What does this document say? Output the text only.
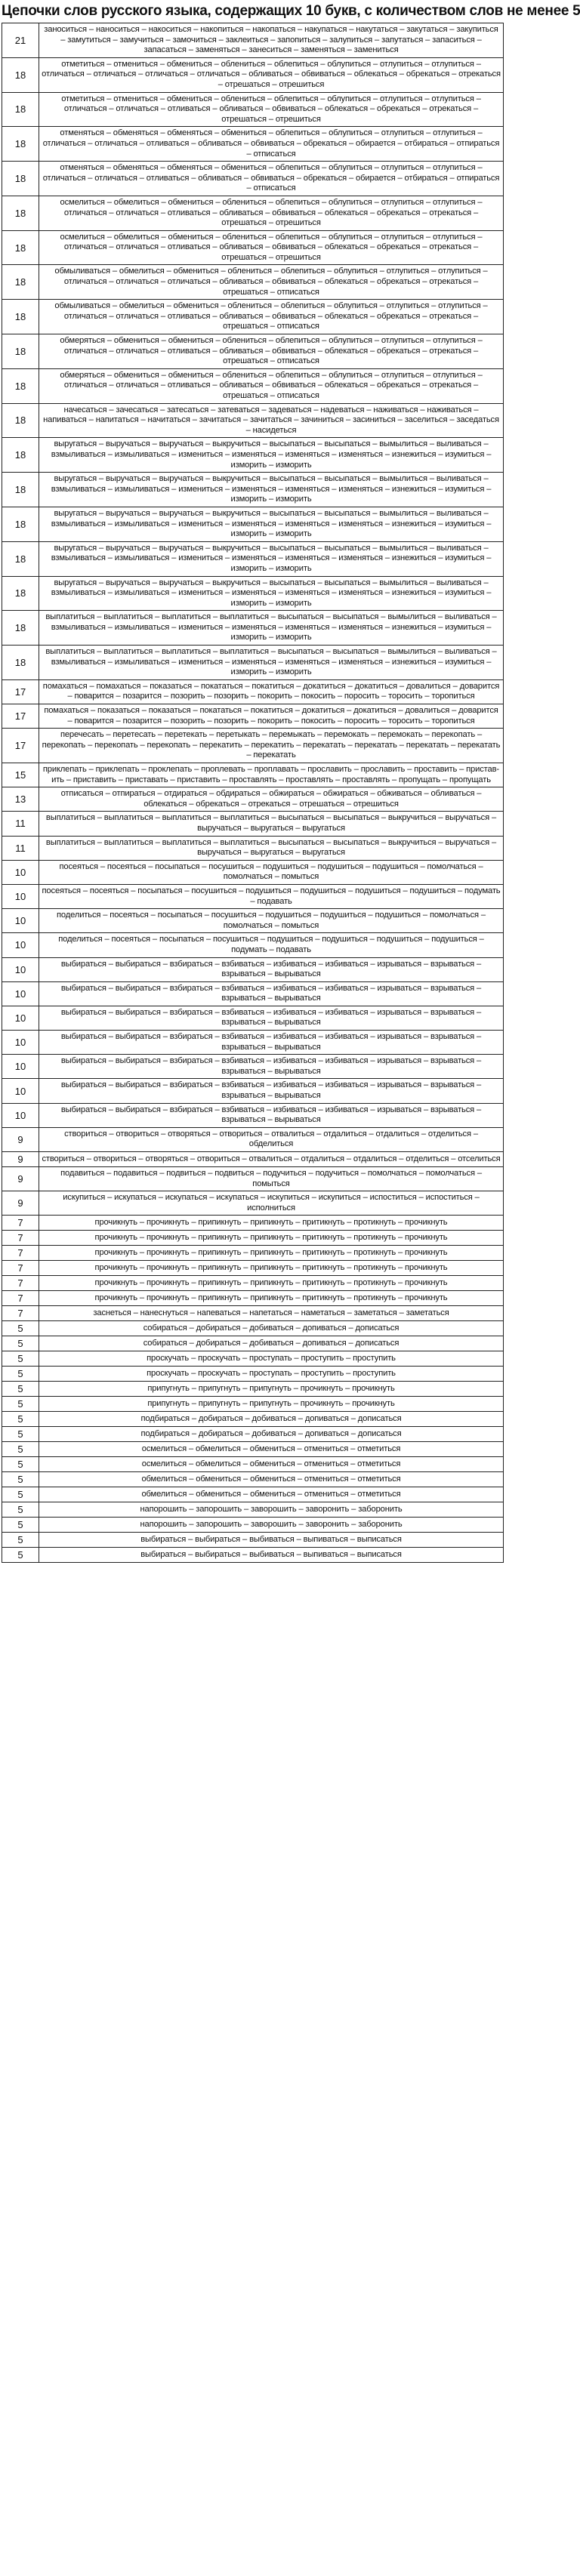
Цепочки слов русского языка, содержащих 10 букв, с количеством слов не менее 5
21	заноситься – наноситься – накоситься – накопиться – накопаться – накупаться – накутаться – закутаться – закупиться – замутиться – замучиться – замочиться – заклеиться – запопиться – залупиться – запутаться – запаситься – запасаться – заменяться – занеситься – заменяться – замениться
18	отметиться – отмениться – обмениться – облениться – облепиться – облупиться – отлупиться – отлупиться – отличаться – отличаться – отличаться – отличаться – обливаться – обвиваться – облекаться – обрекаться – отрекаться – отрешаться – отрешиться
18	отметиться – отмениться – обмениться – облениться – облепиться – облупиться – отлупиться – отлупиться – отличаться – отличаться – отливаться – обливаться – обвиваться – облекаться – обрекаться – отрекаться – отрешаться – отрешиться
18	отменяться – обменяться – обменяться – обмениться – облепиться – облупиться – отлупиться – отлупиться – отличаться – отличаться – отливаться – обливаться – обвиваться – обрекаться – обирается – отбираться – отпираться – отписаться
18	отменяться – обменяться – обменяться – обмениться – облепиться – облупиться – отлупиться – отлупиться – отличаться – отличаться – отливаться – обливаться – обвиваться – обрекаться – обирается – отбираться – отпираться – отписаться
18	осмелиться – обмелиться – обмениться – облениться – облепиться – облупиться – отлупиться – отлупиться – отличаться – отличаться – отливаться – обливаться – обвиваться – облекаться – обрекаться – отрекаться – отрешаться – отрешиться
18	осмелиться – обмелиться – обмениться – облениться – облепиться – облупиться – отлупиться – отлупиться – отличаться – отличаться – отливаться – обливаться – обвиваться – облекаться – обрекаться – отрекаться – отрешаться – отрешиться
18	обмыливаться – обмелиться – обмениться – облениться – облепиться – облупиться – отлупиться – отлупиться – отличаться – отличаться – отличаться – обливаться – обвиваться – облекаться – обрекаться – отрекаться – отрешаться – отписаться
18	обмыливаться – обмелиться – обмениться – облениться – облепиться – облупиться – отлупиться – отлупиться – отличаться – отличаться – отливаться – обливаться – обвиваться – облекаться – обрекаться – отрекаться – отрешаться – отписаться
18	обмеряться – обмениться – обмениться – облениться – облепиться – облупиться – отлупиться – отлупиться – отличаться – отличаться – отливаться – обливаться – обвиваться – облекаться – обрекаться – отрекаться – отрешаться – отписаться
18	обмеряться – обмениться – обмениться – облениться – облепиться – облупиться – отлупиться – отлупиться – отличаться – отличаться – отливаться – обливаться – обвиваться – облекаться – обрекаться – отрекаться – отрешаться – отписаться
18	начесаться – зачесаться – затесаться – затеваться – задеваться – надеваться – наживаться – наживаться – напиваться – напитаться – начитаться – зачитаться – зачитаться – зачиниться – засиниться – заселиться – заседаться – насидеться
18	выругаться – выручаться – выручаться – выкручиться – высыпаться – высыпаться – вымылиться – выливаться – взмыливаться – измыливаться – измениться – изменяться – изменяться – изменяться – изнежиться – изумиться – изморить – изморить
18	выругаться – выручаться – выручаться – выкручиться – высыпаться – высыпаться – вымылиться – выливаться – взмыливаться – измыливаться – измениться – изменяться – изменяться – изменяться – изнежиться – изумиться – изморить – изморить
18	выругаться – выручаться – выручаться – выкручиться – высыпаться – высыпаться – вымылиться – выливаться – взмыливаться – измыливаться – измениться – изменяться – изменяться – изменяться – изнежиться – изумиться – изморить – изморить
18	выругаться – выручаться – выручаться – выкручиться – высыпаться – высыпаться – вымылиться – выливаться – взмыливаться – измыливаться – измениться – изменяться – изменяться – изменяться – изнежиться – изумиться – изморить – изморить
18	выругаться – выручаться – выручаться – выкручиться – высыпаться – высыпаться – вымылиться – выливаться – взмыливаться – измыливаться – измениться – изменяться – изменяться – изменяться – изнежиться – изумиться – изморить – изморить
18	выплатиться – выплатиться – выплатиться – выплатиться – высыпаться – высыпаться – вымылиться – выливаться – взмыливаться – измыливаться – измениться – изменяться – изменяться – изменяться – изнежиться – изумиться – изморить – изморить
18	выплатиться – выплатиться – выплатиться – выплатиться – высыпаться – высыпаться – вымылиться – выливаться – взмыливаться – измыливаться – измениться – изменяться – изменяться – изменяться – изнежиться – изумиться – изморить – изморить
17	помахаться – помахаться – показаться – покататься – покатиться – докатиться – докатиться – довалиться – доварится – поварится – позарится – позорить – позорить – покорить – покосить – поросить – торосить – торопиться
17	помахаться – показаться – показаться – покататься – покатиться – докатиться – докатиться – довалиться – доварится – поварится – позарится – позорить – позорить – покорить – покосить – поросить – торосить – торопиться
17	перечесать – перетесать – перетекать – перетыкать – перемыкать – перемокать – перемокать – перекопать – перекопать – перекопать – перекопать – перекатить – перекатить – перекатать – перекатать – перекатать – перекатать – перекатать
15	приклепать – приклепать – проклепать – проплевать – проплавать – прославить – прославить – проставить – приставить – приставить – приставать – приставить – проставлять – проставлять – проставлять – пропущать – пропущать
13	отписаться – отпираться – отдираться – обдираться – обжираться – обжираться – обживаться – обливаться – облекаться – обрекаться – отрекаться – отрешаться – отрешиться
11	выплатиться – выплатиться – выплатиться – выплатиться – высыпаться – высыпаться – выкручиться – выручаться – выручаться – выругаться – выругаться
11	выплатиться – выплатиться – выплатиться – выплатиться – высыпаться – высыпаться – выкручиться – выручаться – выручаться – выругаться – выругаться
10	посеяться – посеяться – посыпаться – посушиться – подушиться – подушиться – подушиться – помолчаться – помолчаться – помыться
10	посеяться – посеяться – посыпаться – посушиться – подушиться – подушиться – подушиться – подушиться – подумать – подавать
10	поделиться – посеяться – посыпаться – посушиться – подушиться – подушиться – подушиться – помолчаться – помолчаться – помыться
10	поделиться – посеяться – посыпаться – посушиться – подушиться – подушиться – подушиться – подушиться – подумать – подавать
10	выбираться – выбираться – взбираться – взбиваться – избиваться – избиваться – изрываться – взрываться – взрываться – вырываться
10	выбираться – выбираться – взбираться – взбиваться – избиваться – избиваться – изрываться – взрываться – взрываться – вырываться
10	выбираться – выбираться – взбираться – взбиваться – избиваться – избиваться – изрываться – взрываться – взрываться – вырываться
10	выбираться – выбираться – взбираться – взбиваться – избиваться – избиваться – изрываться – взрываться – взрываться – вырываться
10	выбираться – выбираться – взбираться – взбиваться – избиваться – избиваться – изрываться – взрываться – взрываться – вырываться
10	выбираться – выбираться – взбираться – взбиваться – избиваться – избиваться – изрываться – взрываться – взрываться – вырываться
10	выбираться – выбираться – взбираться – взбиваться – избиваться – избиваться – изрываться – взрываться – взрываться – вырываться
9	створиться – отвориться – отворяться – отвориться – отвалиться – отдалиться – отдалиться – отделиться – обделиться
9	створиться – отвориться – отворяться – отвориться – отвалиться – отдалиться – отдалиться – отделиться – отселиться
9	подавиться – подавиться – подвиться – подвиться – подучиться – подучиться – помолчаться – помолчаться – помыться
9	искупиться – искупаться – искупаться – искупаться – искупиться – искупиться – испоститься – испоститься – исполниться
7	прочикнуть – прочикнуть – припикнуть – припикнуть – притикнуть – протикнуть – прочикнуть
7	прочикнуть – прочикнуть – припикнуть – припикнуть – притикнуть – протикнуть – прочикнуть
7	прочикнуть – прочикнуть – припикнуть – припикнуть – притикнуть – протикнуть – прочикнуть
7	прочикнуть – прочикнуть – припикнуть – припикнуть – притикнуть – протикнуть – прочикнуть
7	прочикнуть – прочикнуть – припикнуть – припикнуть – притикнуть – протикнуть – прочикнуть
7	прочикнуть – прочикнуть – припикнуть – припикнуть – притикнуть – протикнуть – прочикнуть
7	заснеться – нанеснуться – напеваться – напетаться – наметаться – заметаться – заметаться
5	собираться – добираться – добиваться – допиваться – дописаться
5	собираться – добираться – добиваться – допиваться – дописаться
5	проскучать – проскучать – проступать – проступить – проступить
5	проскучать – проскучать – проступать – проступить – проступить
5	припугнуть – припугнуть – припугнуть – прочикнуть – прочикнуть
5	припугнуть – припугнуть – припугнуть – прочикнуть – прочикнуть
5	подбираться – добираться – добиваться – допиваться – дописаться
5	подбираться – добираться – добиваться – допиваться – дописаться
5	осмелиться – обмелиться – обмениться – отмениться – отметиться
5	осмелиться – обмелиться – обмениться – отмениться – отметиться
5	обмелиться – обмениться – обмениться – отмениться – отметиться
5	обмелиться – обмениться – обмениться – отмениться – отметиться
5	напорошить – запорошить – заворошить – заворонить – заборонить
5	напорошить – запорошить – заворошить – заворонить – заборонить
5	выбираться – выбираться – выбиваться – выпиваться – выписаться
5	выбираться – выбираться – выбиваться – выпиваться – выписаться
